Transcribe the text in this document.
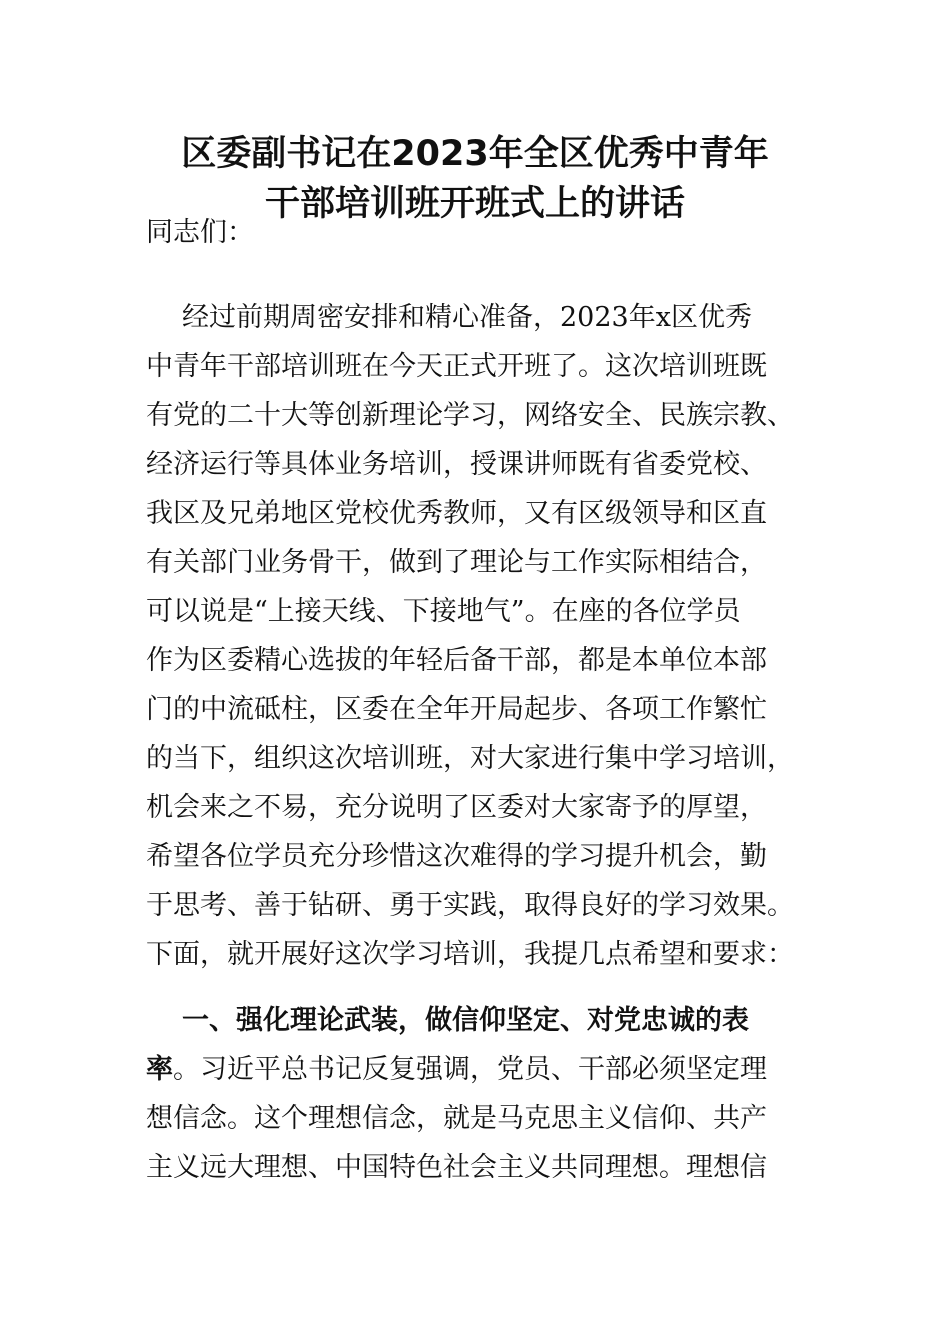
区委副书记在2023年全区优秀中青年
干部培训班开班式上的讲话
同志们：
经过前期周密安排和精心准备，2023年x区优秀
中青年干部培训班在今天正式开班了。这次培训班既
有党的二十大等创新理论学习，网络安全、民族宗教、
经济运行等具体业务培训，授课讲师既有省委党校、
我区及兄弟地区党校优秀教师，又有区级领导和区直
有关部门业务骨干，做到了理论与工作实际相结合，
可以说是“上接天线、下接地气”。在座的各位学员
作为区委精心选拔的年轻后备干部，都是本单位本部
门的中流砥柱，区委在全年开局起步、各项工作繁忙
的当下，组织这次培训班，对大家进行集中学习培训，
机会来之不易，充分说明了区委对大家寄予的厚望，
希望各位学员充分珍惜这次难得的学习提升机会，勤
于思考、善于钻研、勇于实践，取得良好的学习效果。
下面，就开展好这次学习培训，我提几点希望和要求：
一、强化理论武装，做信仰坚定、对党忠诚的表
率。习近平总书记反复强调，党员、干部必须坚定理
想信念。这个理想信念，就是马克思主义信仰、共产
主义远大理想、中国特色社会主义共同理想。理想信
